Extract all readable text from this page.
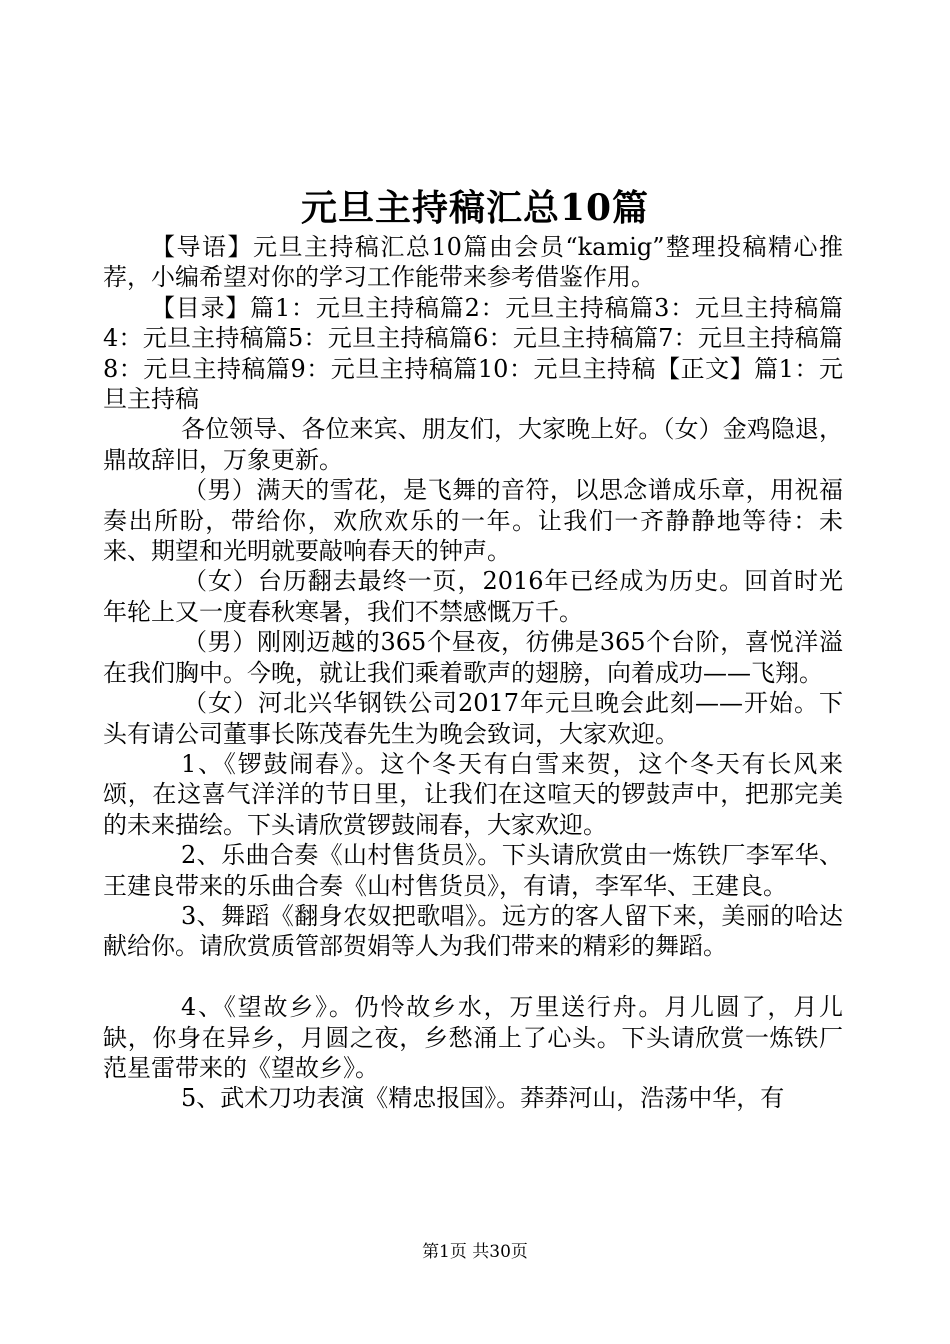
元旦主持稿汇总10篇

【导语】元旦主持稿汇总10篇由会员“kamig”整理投稿精心推荐，小编希望对你的学习工作能带来参考借鉴作用。

【目录】篇1：元旦主持稿篇2：元旦主持稿篇3：元旦主持稿篇4：元旦主持稿篇5：元旦主持稿篇6：元旦主持稿篇7：元旦主持稿篇8：元旦主持稿篇9：元旦主持稿篇10：元旦主持稿【正文】篇1：元旦主持稿

各位领导、各位来宾、朋友们，大家晚上好。（女）金鸡隐退，鼎故辞旧，万象更新。

（男）满天的雪花，是飞舞的音符，以思念谱成乐章，用祝福奏出所盼，带给你，欢欣欢乐的一年。让我们一齐静静地等待：未来、期望和光明就要敲响春天的钟声。

（女）台历翻去最终一页，2016年已经成为历史。回首时光年轮上又一度春秋寒暑，我们不禁感慨万千。

（男）刚刚迈越的365个昼夜，彷佛是365个台阶，喜悦洋溢在我们胸中。今晚，就让我们乘着歌声的翅膀，向着成功——飞翔。

（女）河北兴华钢铁公司2017年元旦晚会此刻——开始。下头有请公司董事长陈茂春先生为晚会致词，大家欢迎。

1、《锣鼓闹春》。这个冬天有白雪来贺，这个冬天有长风来颂，在这喜气洋洋的节日里，让我们在这喧天的锣鼓声中，把那完美的未来描绘。下头请欣赏锣鼓闹春，大家欢迎。

2、乐曲合奏《山村售货员》。下头请欣赏由一炼铁厂李军华、王建良带来的乐曲合奏《山村售货员》，有请，李军华、王建良。

3、舞蹈《翻身农奴把歌唱》。远方的客人留下来，美丽的哈达献给你。请欣赏质管部贺娟等人为我们带来的精彩的舞蹈。

4、《望故乡》。仍怜故乡水，万里送行舟。月儿圆了，月儿缺，你身在异乡，月圆之夜，乡愁涌上了心头。下头请欣赏一炼铁厂范星雷带来的《望故乡》。

5、武术刀功表演《精忠报国》。莽莽河山，浩荡中华，有

第1页 共30页
